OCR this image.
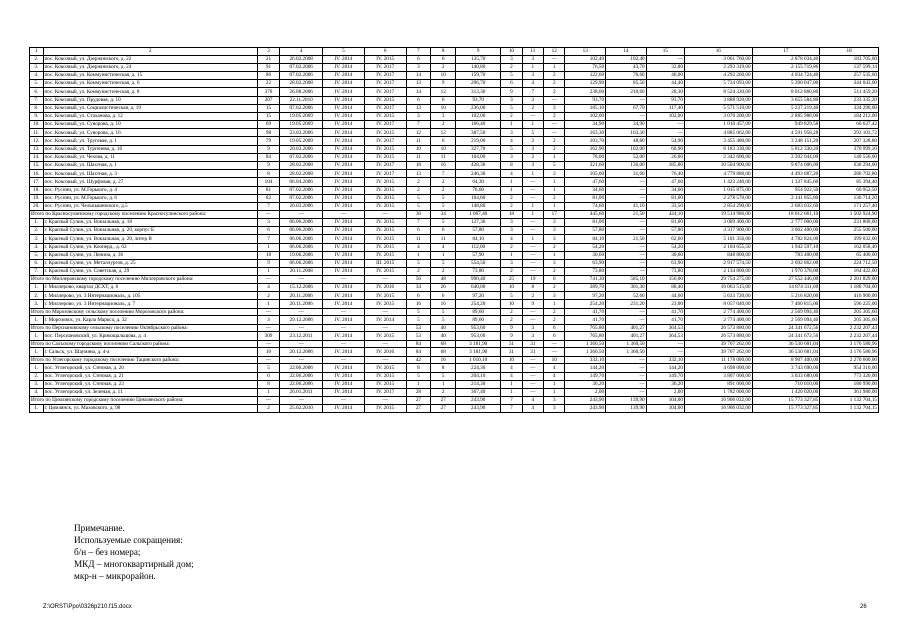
1	2	3	4	5	6	7	8	9	10	11	12	13	14	15	16	17	18
2.	пос. Коксовый, ул. Дзержинского, д. 22	21	26.02.2008	IV. 2014	IV. 2015	6	6	135,70	3	3	—	102,40	102,40	—	3 061 760,00	2 878 034,40	183 705,60
3.	пос. Коксовый, ул. Дзержинского, д. 24	91	07.02.2006	IV. 2014	IV. 2017	3	2	140,80	2	1	1	76,50	43,70	32,80	2 293 319,00	2 155 719,86	137 599,14
4.	пос. Коксовый, ул. Коммунистическая, д. 15	86	07.02.2006	IV. 2014	IV. 2017	14	10	159,70	5	3	2	122,60	76,60	46,00	4 292 260,00	4 034 724,40	257 535,60
5.	пос. Коксовый, ул. Коммунистическая, д. 6	22	28.02.2008	IV. 2014	IV. 2017	13	9	296,70	6	4	2	129,90	85,50	44,40	5 734 093,00	5 390 047,00	344 043,00
6.	пос. Коксовый, ул. Коммунистическая, д. 8	370	26.08.2006	IV. 2014	IV. 2017	14	12	313,30	9	7	2	238,60	210,60	28,30	8 524 320,00	8 012 860,80	511 459,20
7.	пос. Коксовый, ул. Прудовая, д. 10	207	22.11.2010	IV. 2014	IV. 2015	6	6	93,70	3	3	—	93,70	—	93,70	3 888 920,00	3 655 584,80	233 335,20
8.	пос. Коксовый, ул. Социалистическая, д. 19	15	07.02.2006	IV. 2014	IV. 2017	13	10	236,00	5	2	3	185,10	67,70	117,40	5 571 510,00	5 237 219,40	334 290,60
9.	пос. Коксовый, ул. Стаханова, д. 12	15	19.05.2009	IV. 2014	IV. 2015	3	3	102,00	2	—	2	102,00	—	102,00	3 070 200,00	2 885 988,00	184 212,00
10.	пос. Коксовый, ул. Суворова, д. 10	69	19.05.2009	IV. 2014	IV. 2017	7	2	166,40	1	1	—	34,90	34,90	—	1 010 457,00	949 829,58	60 627,42
11.	пос. Коксовый, ул. Суворова, д. 16	98	23.03.2006	IV. 2014	IV. 2015	12	12	387,50	3	5	—	163,30	163,30	—	4 885 062,00	4 591 958,28	293 103,72
12.	пос. Коксовый, ул. Труговая, д. 1	79	19.05.2009	IV. 2014	IV. 2017	11	6	219,00	4	2	2	103,70	48,80	54,90	3 455 480,00	3 248 151,20	207 328,80
13.	пос. Коксовый, ул. Тургенева, д. 16	9	20.03.2006	IV. 2014	IV. 2015	10	10	327,70	5	3	2	162,90	102,00	60,90	6 183 330,00	5 812 330,20	370 999,20
14.	пос. Коксовый, ул. Чехова, д. 11	84	07.02.2006	IV. 2014	IV. 2015	11	11	104,00	3	2	1	78,00	52,00	26,00	2 342 600,00	2 202 044,00	140 556,00
15.	пос. Коксовый, ул. Шахтная, д. 1	9	28.02.2008	IV. 2014	IV. 2017	18	16	428,30	8	3	5	321,60	136,00	185,80	10 504 900,00	9 874 606,00	630 294,00
16.	пос. Коксовый, ул. Шахтная, д. 3	8	28.02.2008	IV. 2014	IV. 2017	13	7	246,30	4	1	3	105,00	31,60	76,40	4 779 880,00	4 493 087,20	286 792,80
17.	пос. Коксовый, ул. Шурфовая, д. 27	104	06.04.2006	IV. 2014	IV. 2015	2	2	64,30	1	—	1	47,60	—	47,60	1 423 240,00	1 337 845,60	85 394,40
18.	пос. Руспин, ул. М.Горького, д. 4	81	07.02.2006	IV. 2014	IV. 2015	2	2	76,60	1	—	1	34,60	—	34,60	1 015 875,00	954 922,50	60 952,50
19.	пос. Руспин, ул. М.Горького, д. 6	82	07.02.2006	IV. 2014	IV. 2015	5	5	104,60	2	—	2	81,00	—	81,00	2 278 570,00	2 141 855,80	136 714,20
20.	пос. Руспин, ул. Чельпышевского, д.5	7	20.03.2006	IV. 2014	IV. 2015	5	5	148,80	2	1	1	74,60	41,10	33,50	2 854 290,00	2 683 032,60	171 257,40
Итого по Красносулинскому городскому поселению Красносулинского района:		—	—	—	—	36	34	1 067,40	18	1	17	445,60	21,50	424,10	19 514 986,00	18 012 061,10	1 502 924,90
1.	г. Красный Сулин, ул. Вокзальная, д. 18	3	06.06.2006	IV. 2014	IV. 2015	7	5	127,30	3	—	3	81,00	—	81,00	3 009 400,00	2 777 000,00	231 800,00
2.	г. Красный Сулин, ул. Вокзальная, д. 20, корпус Б	6	06.06.2006	IV. 2014	IV. 2015	6	6	57,80	3	—	3	57,80	—	57,80	3 317 900,00	3 062 400,00	255 500,00
3.	г. Красный Сулин, ул. Вокзальная, д. 20, литер В	7	06.06.2006	IV. 2014	IV. 2015	11	11	84,10	4	1	3	84,10	21,50	62,60	5 181 356,00	4 782 824,00	399 032,00
4.	г. Красный Сулин, ул. Кооперд., д. 62	1	06.06.2006	IV. 2014	IV. 2015	4	4	112,00	2	—	2	54,20	—	54,20	2 104 655,50	1 942 597,10	162 058,40
5.	г. Красный Сулин, ул. Ленина, д. 36	18	19.06.2006	IV. 2014	IV. 2015	1	1	57,90	1	—	1	30,60	—	30,60	848 800,00	783 400,00	65 400,00
6.	г. Красный Сулин, ул. Металлургов, д. 25	9	06.06.2006	IV. 2014	III. 2015	5	5	554,50	3	—	3	63,90	—	63,90	2 917 574,50	2 692 862,00	224 712,50
7.	г. Красный Сулин, ул. Советская, д. 29	1	20.11.2008	IV. 2014	IV. 2015	2	2	73,80	2	—	2	73,80	—	73,80	2 134 800,00	1 970 378,00	164 422,00
Итого по Миллеровскому городскому поселению Миллеровского района:		—	—	—	—	56	48	990,40	25	19	6	741,30	585,10	156,00	29 754 275,00	27 552 446,00	2 201 829,00
1.	г. Миллерово, квартал ДСХТ, д. 6	4	15.12.2006	IV. 2014	IV. 2016	34	26	640,00	10	8	2	389,70	301,30	88,40	16 063 515,00	14 874 311,00	1 188 704,00
2.	г. Миллерово, ул. 3 Интернациональ, д. 105	2	20.11.2006	IV. 2014	IV. 2015	6	6	97,20	5	2	3	97,20	52,60	44,60	5 633 720,00	5 216 820,00	416 900,00
3.	г. Миллерово, ул. 3 Интернациональ, д. 7	1	20.11.2006	IV. 2014	IV. 2015	16	16	254,20	10	9	1	254,20	231,20	23,00	8 057 040,00	7 460 815,00	596 225,00
Итого по Морозовскому сельскому поселению Морозовского района:		—	—	—	—	5	5	89,60	2	—	2	41,70	—	41,70	2 774 400,00	2 569 094,40	205 305,60
1.	г. Морозовск, ул. Карла Маркса, д. 32	3	29.12.2006	IV. 2014	IV. 2014	5	5	89,60	2	—	2	41,70	—	41,70	2 774 400,00	2 569 094,40	205 305,60
Итого по Персиановскому сельскому поселению Октябрьского района:		—	—	—	—	53	40	953,60	9	3	6	765,80	401,27	364,53	26 573 880,00	24 341 672,56	2 232 207,44
1.	пос. Персиановский, ул. Крикощальщова, д. 4	309	23.12.2011	IV. 2014	IV. 2015	53	40	953,60	9	3	6	765,80	401,27	364,53	26 573 880,00	24 341 672,56	2 232 207,44
Итого по Сальскому городскому поселению Сальского района:		—	—	—	—	84	68	3 181,90	31	31	—	1 360,50	1 360,50	—	39 707 262,00	36 530 681,04	3 176 580,96
1.	г. Сальск, ул. Шаумяна, д. 4-а	10	20.12.2006	IV. 2014	IV. 2016	84	68	3 181,90	31	31	—	1 360,50	1 360,50	—	39 707 262,00	36 530 681,04	3 176 580,96
Итого по Углегорскому городскому поселению Тацинского района:		—	—	—	—	42	16	1 010,10	10	—	10	332,10	—	332,10	11 178 000,00	8 907 400,00	2 270 600,00
1.	пос. Углегорский, ул. Степная, д. 20	5	22.06.2006	IV. 2014	IV. 2015	8	8	224,30	4	—	4	144,20	—	144,20	4 698 000,00	3 743 690,00	954 310,00
2.	пос. Углегорский, ул. Степная, д. 21	6	22.06.2006	IV. 2014	IV. 2015	5	5	204,10	4	—	4	149,70	—	149,70	3 807 000,00	3 033 680,00	773 320,00
3.	пос. Углегорский, ул. Степная, д. 23	8	22.06.2006	IV. 2014	IV. 2015	1	1	214,30	1	—	1	36,20	—	36,20	891 000,00	710 010,00	180 990,00
4.	пос. Углегорский, ул. Зеленая, д. 11	1	26.01.2011	IV. 2014	IV. 2017	28	2	367,40	1	—	1	2,00	—	2,00	1 782 000,00	1 420 020,00	361 980,00
Итого по Цимлянскому городскому поселению Цимлянского района:		—	—	—	—	27	27	243,90	7	4	3	243,90	139,90	104,00	16 906 032,00	15 773 327,85	1 132 704,15
1.	г. Цимлянск, ул. Маховского, д. 98	2	25.02.2010	IV. 2014	IV. 2015	27	27	243,90	7	4	3	243,90	139,90	104,00	16 906 032,00	15 773 327,85	1 132 704,15
Примечание.
Используемые сокращения:
б/н – без номера;
МКД – многоквартирный дом;
мкр-н – микрорайон.
Z:\ORST\Ppo\0326p210.f15.docx	26
